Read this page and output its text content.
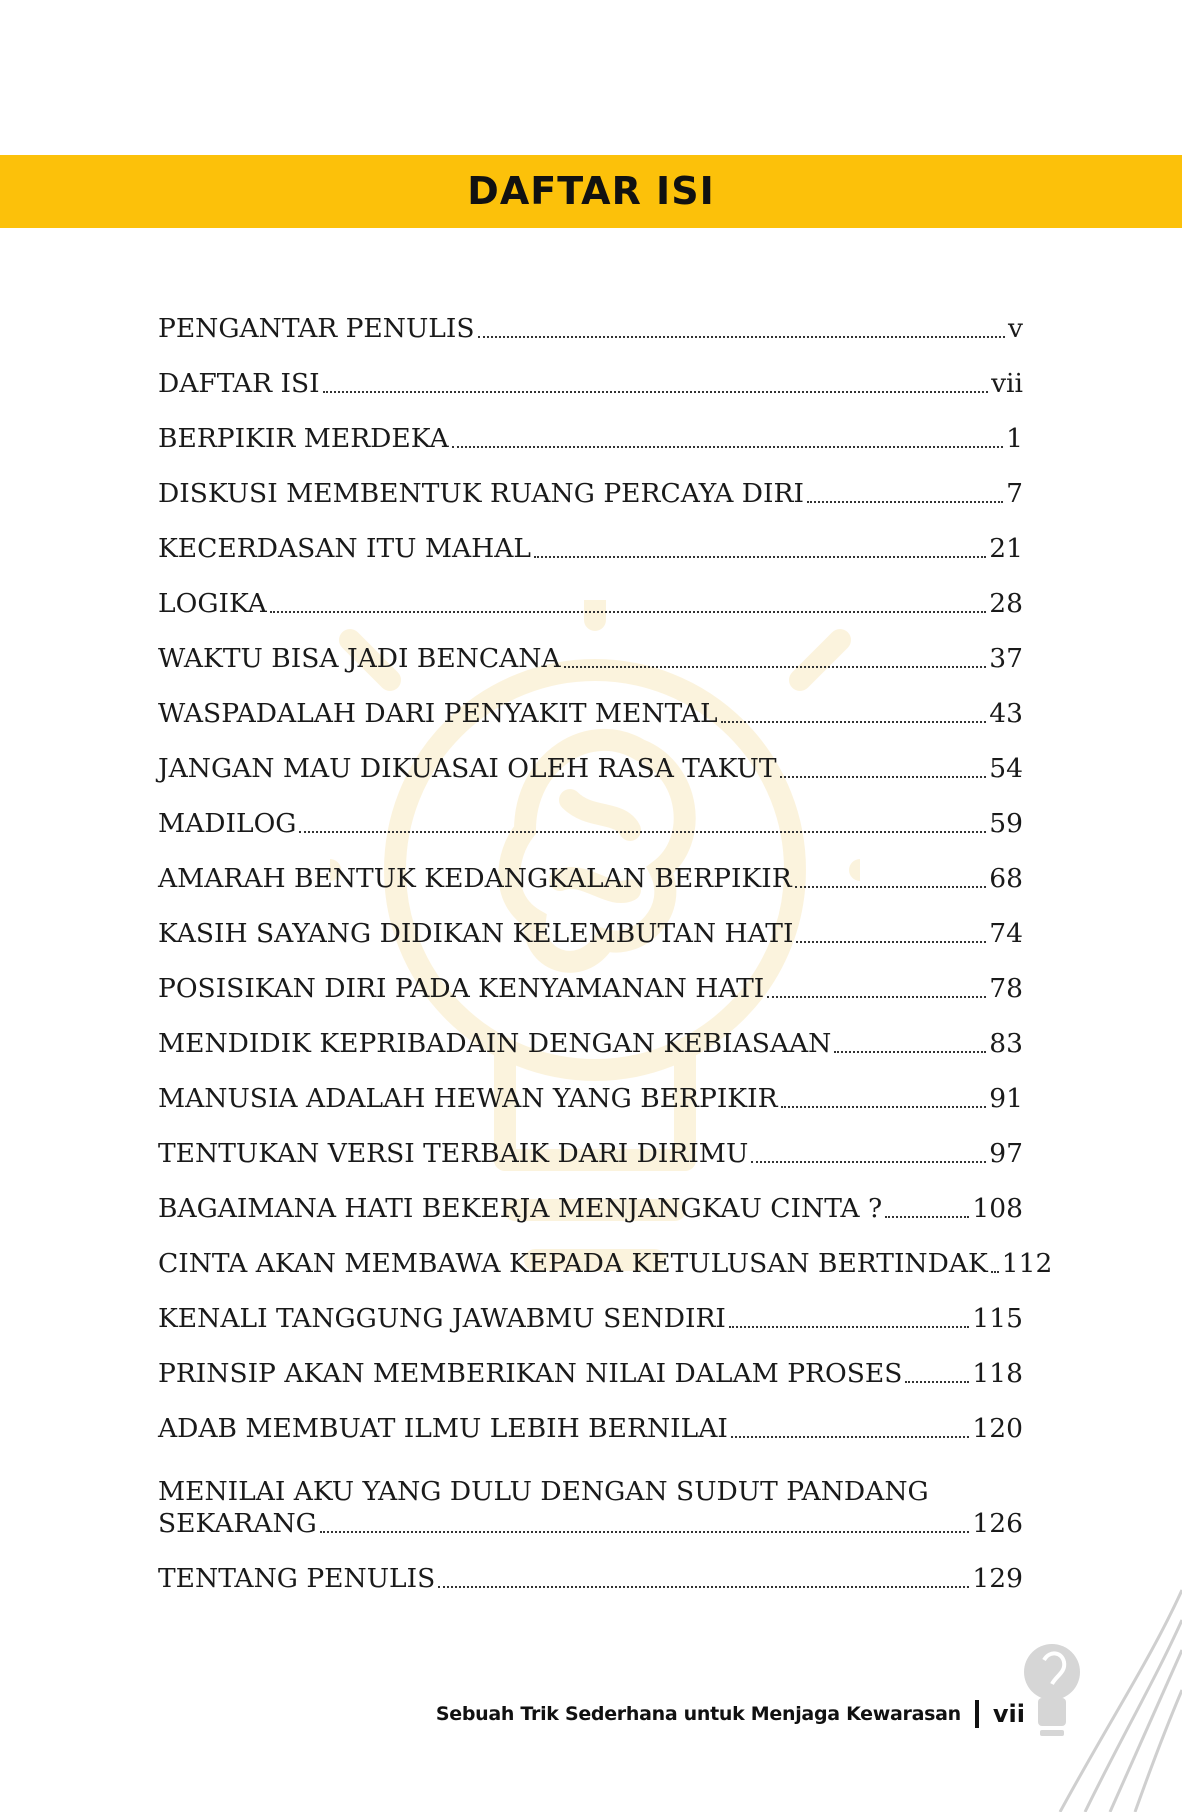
DAFTAR ISI
PENGANTAR PENULIS	v
DAFTAR ISI	vii
BERPIKIR MERDEKA	1
DISKUSI MEMBENTUK RUANG PERCAYA DIRI	7
KECERDASAN ITU MAHAL	21
LOGIKA	28
WAKTU BISA JADI BENCANA	37
WASPADALAH DARI PENYAKIT MENTAL	43
JANGAN MAU DIKUASAI OLEH RASA TAKUT	54
MADILOG	59
AMARAH BENTUK KEDANGKALAN BERPIKIR	68
KASIH SAYANG DIDIKAN KELEMBUTAN HATI	74
POSISIKAN DIRI PADA KENYAMANAN HATI	78
MENDIDIK KEPRIBADAIN DENGAN KEBIASAAN	83
MANUSIA ADALAH HEWAN YANG BERPIKIR	91
TENTUKAN VERSI TERBAIK DARI DIRIMU	97
BAGAIMANA HATI BEKERJA MENJANGKAU CINTA ?	108
CINTA AKAN MEMBAWA KEPADA KETULUSAN BERTINDAK 112
KENALI TANGGUNG JAWABMU SENDIRI	115
PRINSIP AKAN MEMBERIKAN NILAI DALAM PROSES	118
ADAB MEMBUAT ILMU LEBIH BERNILAI	120
MENILAI AKU YANG DULU DENGAN SUDUT PANDANG
SEKARANG	126
TENTANG PENULIS	129
Sebuah Trik Sederhana untuk Menjaga Kewarasan vii
